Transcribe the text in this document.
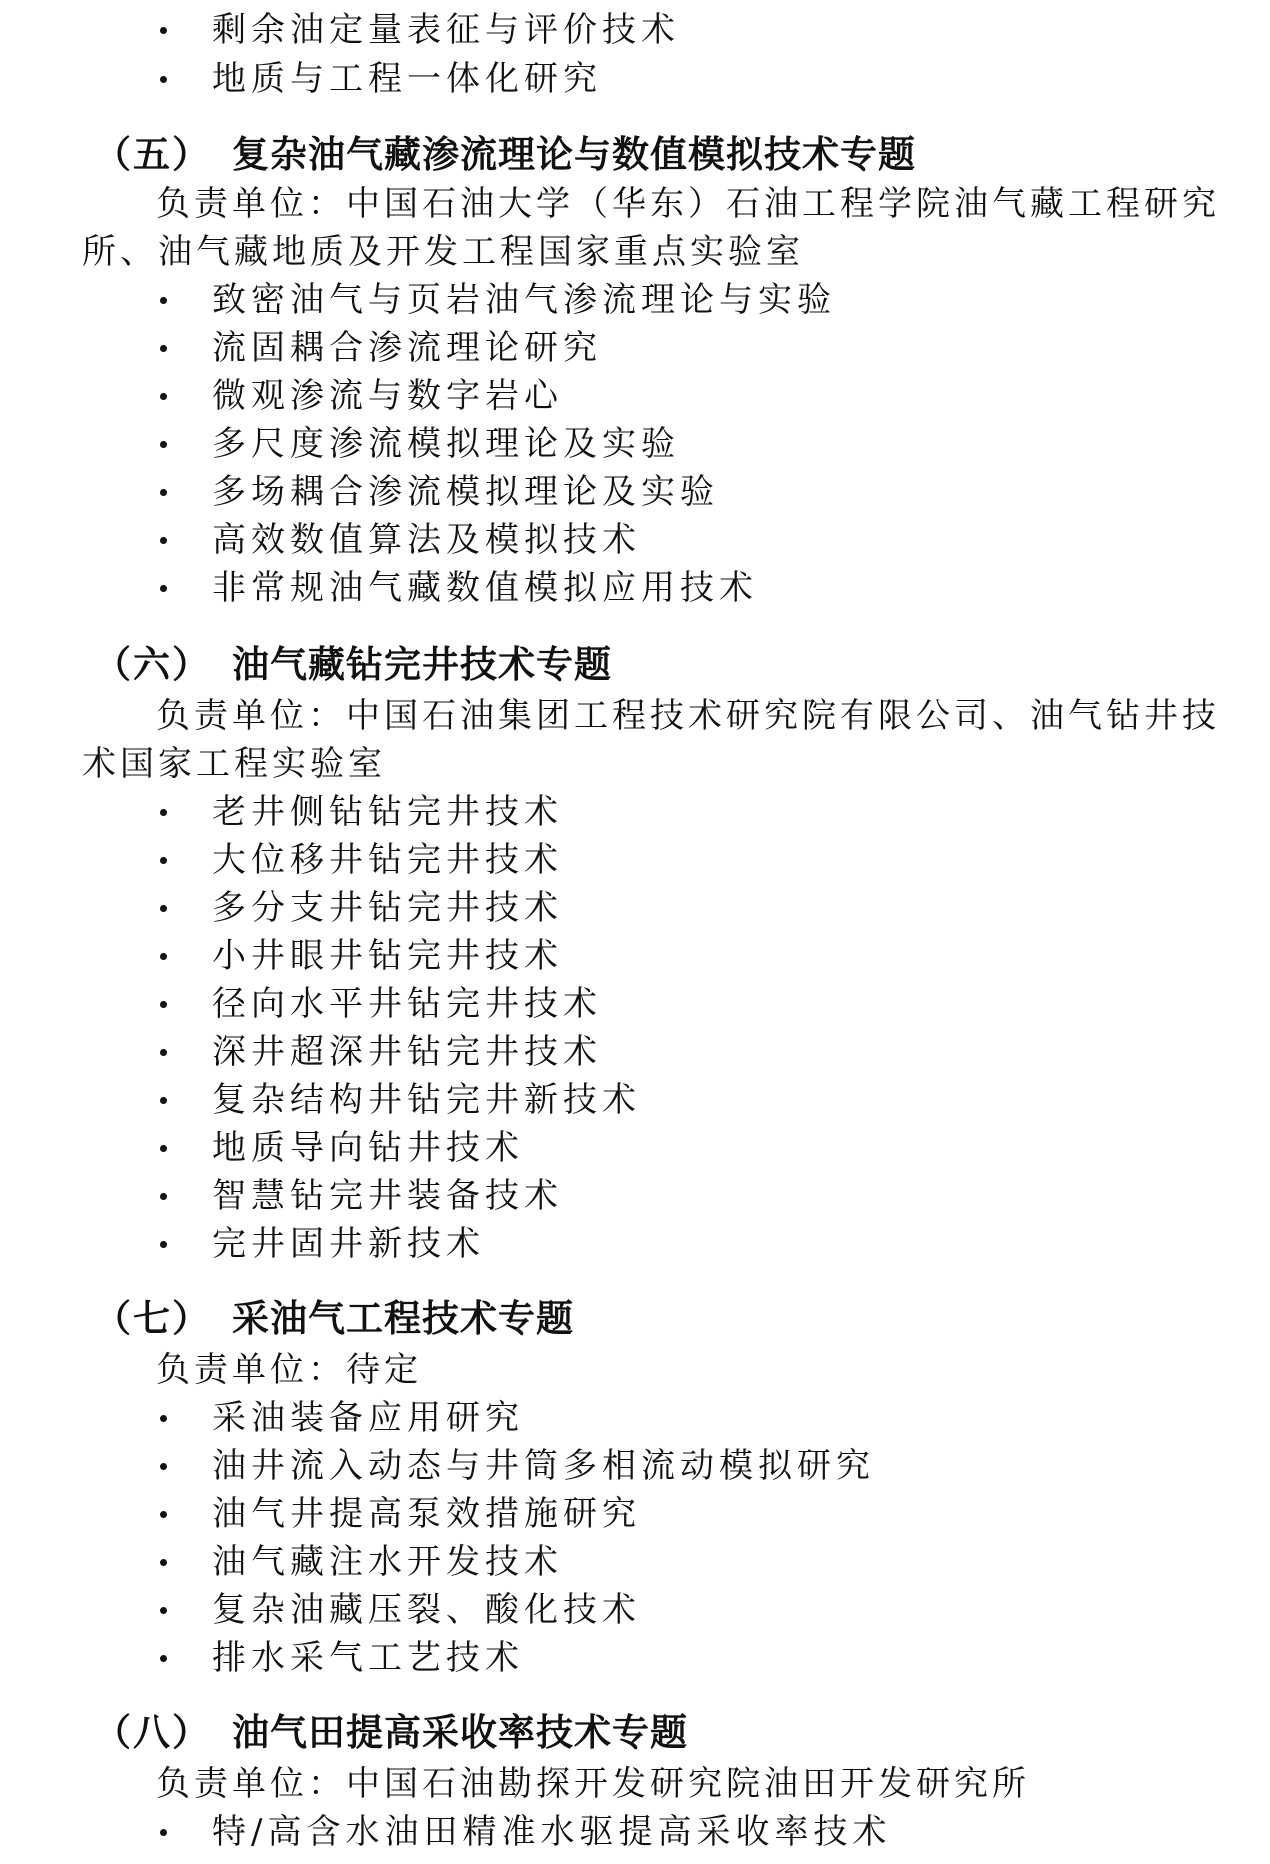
剩余油定量表征与评价技术
地质与工程一体化研究
（五） 复杂油气藏渗流理论与数值模拟技术专题
负责单位：中国石油大学（华东）石油工程学院油气藏工程研究
所、油气藏地质及开发工程国家重点实验室
致密油气与页岩油气渗流理论与实验
流固耦合渗流理论研究
微观渗流与数字岩心
多尺度渗流模拟理论及实验
多场耦合渗流模拟理论及实验
高效数值算法及模拟技术
非常规油气藏数值模拟应用技术
（六） 油气藏钻完井技术专题
负责单位：中国石油集团工程技术研究院有限公司、油气钻井技
术国家工程实验室
老井侧钻钻完井技术
大位移井钻完井技术
多分支井钻完井技术
小井眼井钻完井技术
径向水平井钻完井技术
深井超深井钻完井技术
复杂结构井钻完井新技术
地质导向钻井技术
智慧钻完井装备技术
完井固井新技术
（七） 采油气工程技术专题
负责单位：待定
采油装备应用研究
油井流入动态与井筒多相流动模拟研究
油气井提高泵效措施研究
油气藏注水开发技术
复杂油藏压裂、酸化技术
排水采气工艺技术
（八） 油气田提高采收率技术专题
负责单位：中国石油勘探开发研究院油田开发研究所
特/高含水油田精准水驱提高采收率技术
